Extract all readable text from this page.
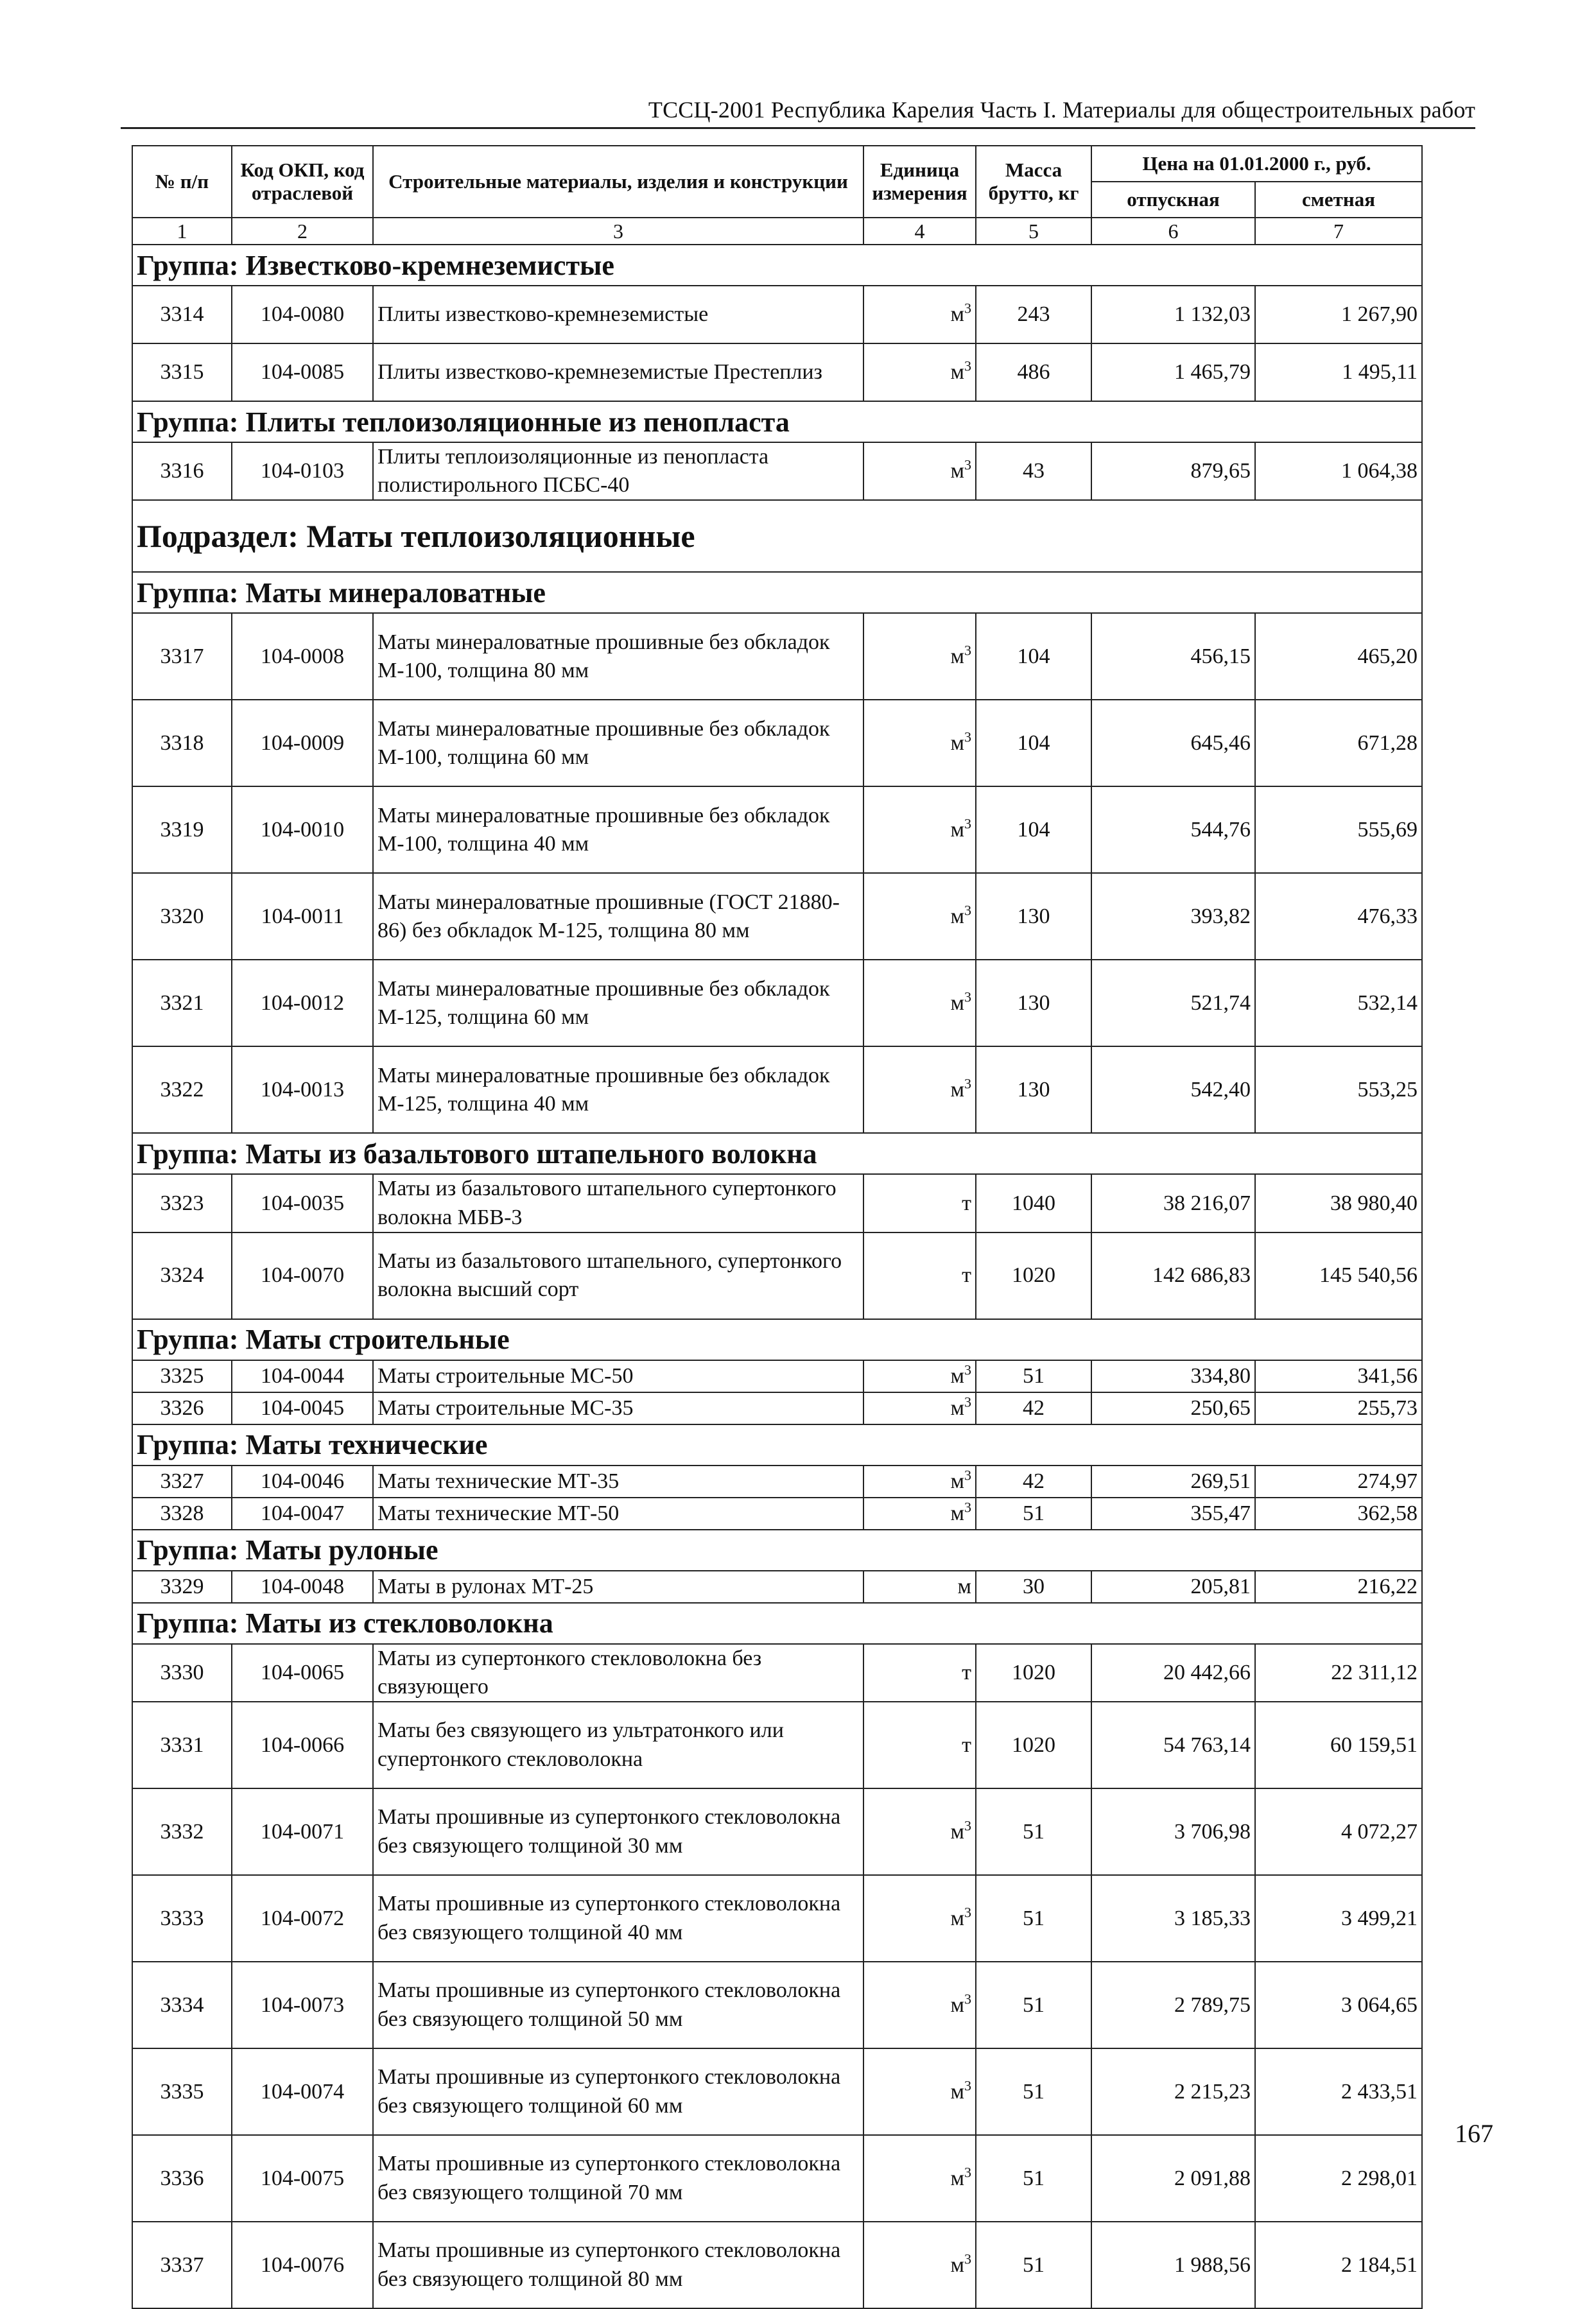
ТССЦ-2001 Республика Карелия Часть I. Материалы для общестроительных работ
№ п/п	Код ОКП, код отраслевой	Строительные материалы, изделия и конструкции	Единица измерения	Масса брутто, кг	Цена на 01.01.2000 г., руб.	
					отпускная	сметная
1	2	3	4	5	6	7
Группа: Известково-кремнеземистые						
3314	104-0080	Плиты известково-кремнеземистые	$м^3$	243	1 132,03	1 267,90
3315	104-0085	Плиты известково-кремнеземистые Престеплиз	$м^3$	486	1 465,79	1 495,11
Группа: Плиты теплоизоляционные из пенопласта						
3316	104-0103	Плиты теплоизоляционные из пенопласта полистирольного ПСБС-40	$м^3$	43	879,65	1 064,38
Подраздел: Маты теплоизоляционные						
Группа: Маты минераловатные						
3317	104-0008	Маты минераловатные прошивные без обкладок М-100, толщина 80 мм	$м^3$	104	456,15	465,20
3318	104-0009	Маты минераловатные прошивные без обкладок М-100, толщина 60 мм	$м^3$	104	645,46	671,28
3319	104-0010	Маты минераловатные прошивные без обкладок М-100, толщина 40 мм	$м^3$	104	544,76	555,69
3320	104-0011	Маты минераловатные прошивные (ГОСТ 21880-86) без обкладок М-125, толщина 80 мм	$м^3$	130	393,82	476,33
3321	104-0012	Маты минераловатные прошивные без обкладок М-125, толщина 60 мм	$м^3$	130	521,74	532,14
3322	104-0013	Маты минераловатные прошивные без обкладок М-125, толщина 40 мм	$м^3$	130	542,40	553,25
Группа: Маты из базальтового штапельного волокна						
3323	104-0035	Маты из базальтового штапельного супертонкого волокна МБВ-3	т	1040	38 216,07	38 980,40
3324	104-0070	Маты из базальтового штапельного, супертонкого волокна высший сорт	т	1020	142 686,83	145 540,56
Группа: Маты строительные						
3325	104-0044	Маты строительные МС-50	$м^3$	51	334,80	341,56
3326	104-0045	Маты строительные МС-35	$м^3$	42	250,65	255,73
Группа: Маты технические						
3327	104-0046	Маты технические МТ-35	$м^3$	42	269,51	274,97
3328	104-0047	Маты технические МТ-50	$м^3$	51	355,47	362,58
Группа: Маты рулоные						
3329	104-0048	Маты в рулонах МТ-25	м	30	205,81	216,22
Группа: Маты из стекловолокна						
3330	104-0065	Маты из супертонкого стекловолокна без связующего	т	1020	20 442,66	22 311,12
3331	104-0066	Маты без связующего из ультратонкого или супертонкого стекловолокна	т	1020	54 763,14	60 159,51
3332	104-0071	Маты прошивные из супертонкого стекловолокна без связующего толщиной 30 мм	$м^3$	51	3 706,98	4 072,27
3333	104-0072	Маты прошивные из супертонкого стекловолокна без связующего толщиной 40 мм	$м^3$	51	3 185,33	3 499,21
3334	104-0073	Маты прошивные из супертонкого стекловолокна без связующего толщиной 50 мм	$м^3$	51	2 789,75	3 064,65
3335	104-0074	Маты прошивные из супертонкого стекловолокна без связующего толщиной 60 мм	$м^3$	51	2 215,23	2 433,51
3336	104-0075	Маты прошивные из супертонкого стекловолокна без связующего толщиной 70 мм	$м^3$	51	2 091,88	2 298,01
3337	104-0076	Маты прошивные из супертонкого стекловолокна без связующего толщиной 80 мм	$м^3$	51	1 988,56	2 184,51
167
